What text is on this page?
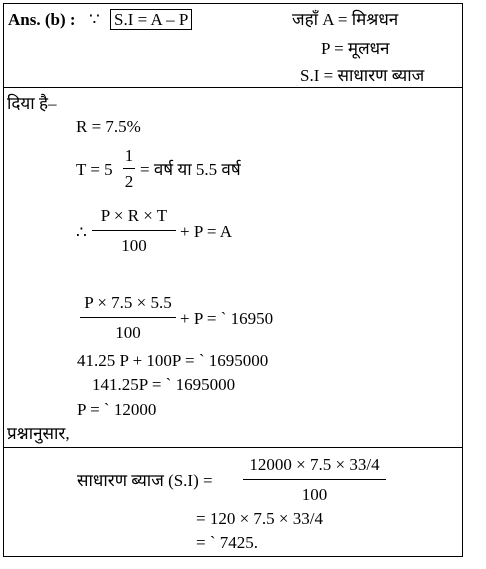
Ans. (b) : ∵ S.I = A – P	जहाँ A = मिश्रधन
P = मूलधन
S.I = साधारण ब्याज
दिया है–
R = 7.5%
T = 5
1
2
= वर्ष या 5.5 वर्ष
∴
P × R × T
100
+ P = A
P × 7.5 × 5.5
100
+ P = ` 16950
41.25 P + 100P = ` 1695000
141.25P = ` 1695000
P = ` 12000
प्रश्नानुसार,
साधारण ब्याज (S.I) =
12000 × 7.5 × 33/4
100
= 120 × 7.5 × 33/4
= ` 7425.
